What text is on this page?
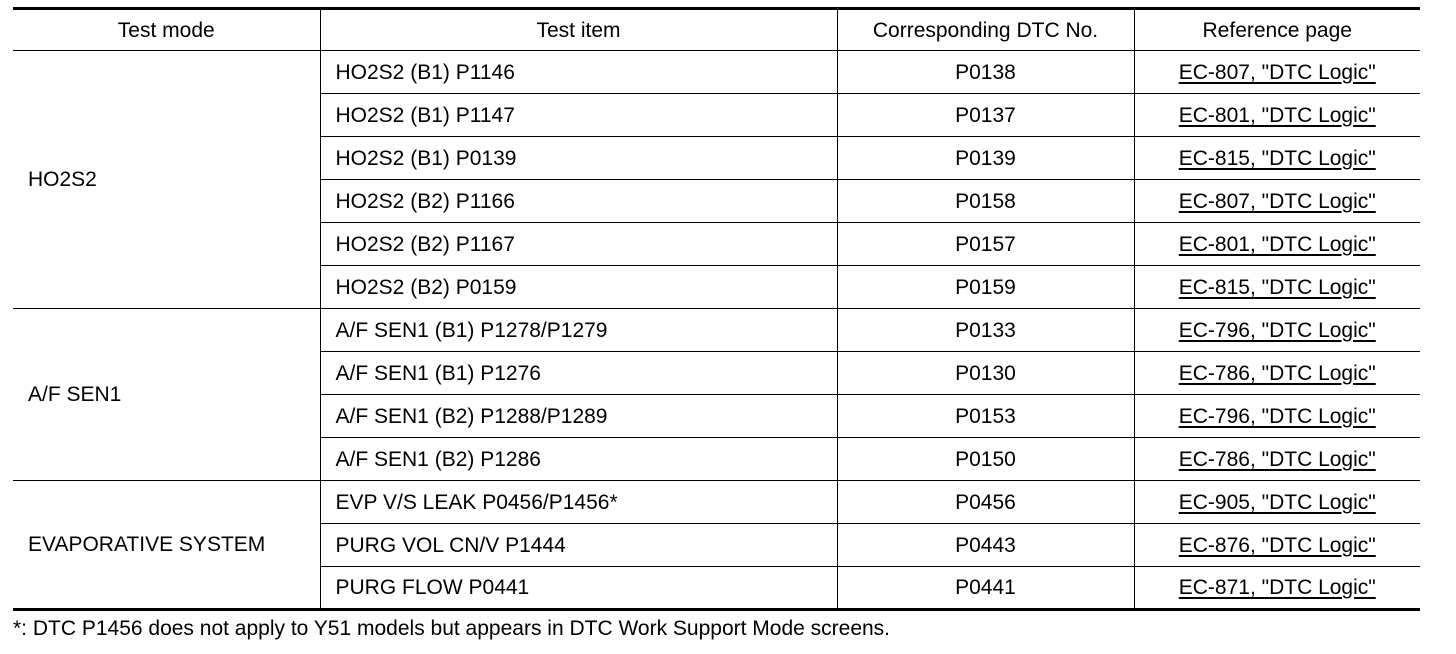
Test mode	Test item	Corresponding DTC No.	Reference page
HO2S2	HO2S2 (B1) P1146	P0138	EC-807, "DTC Logic"
	HO2S2 (B1) P1147	P0137	EC-801, "DTC Logic"
	HO2S2 (B1) P0139	P0139	EC-815, "DTC Logic"
	HO2S2 (B2) P1166	P0158	EC-807, "DTC Logic"
	HO2S2 (B2) P1167	P0157	EC-801, "DTC Logic"
	HO2S2 (B2) P0159	P0159	EC-815, "DTC Logic"
A/F SEN1	A/F SEN1 (B1) P1278/P1279	P0133	EC-796, "DTC Logic"
	A/F SEN1 (B1) P1276	P0130	EC-786, "DTC Logic"
	A/F SEN1 (B2) P1288/P1289	P0153	EC-796, "DTC Logic"
	A/F SEN1 (B2) P1286	P0150	EC-786, "DTC Logic"
EVAPORATIVE SYSTEM	EVP V/S LEAK P0456/P1456*	P0456	EC-905, "DTC Logic"
	PURG VOL CN/V P1444	P0443	EC-876, "DTC Logic"
	PURG FLOW P0441	P0441	EC-871, "DTC Logic"
*: DTC P1456 does not apply to Y51 models but appears in DTC Work Support Mode screens.
